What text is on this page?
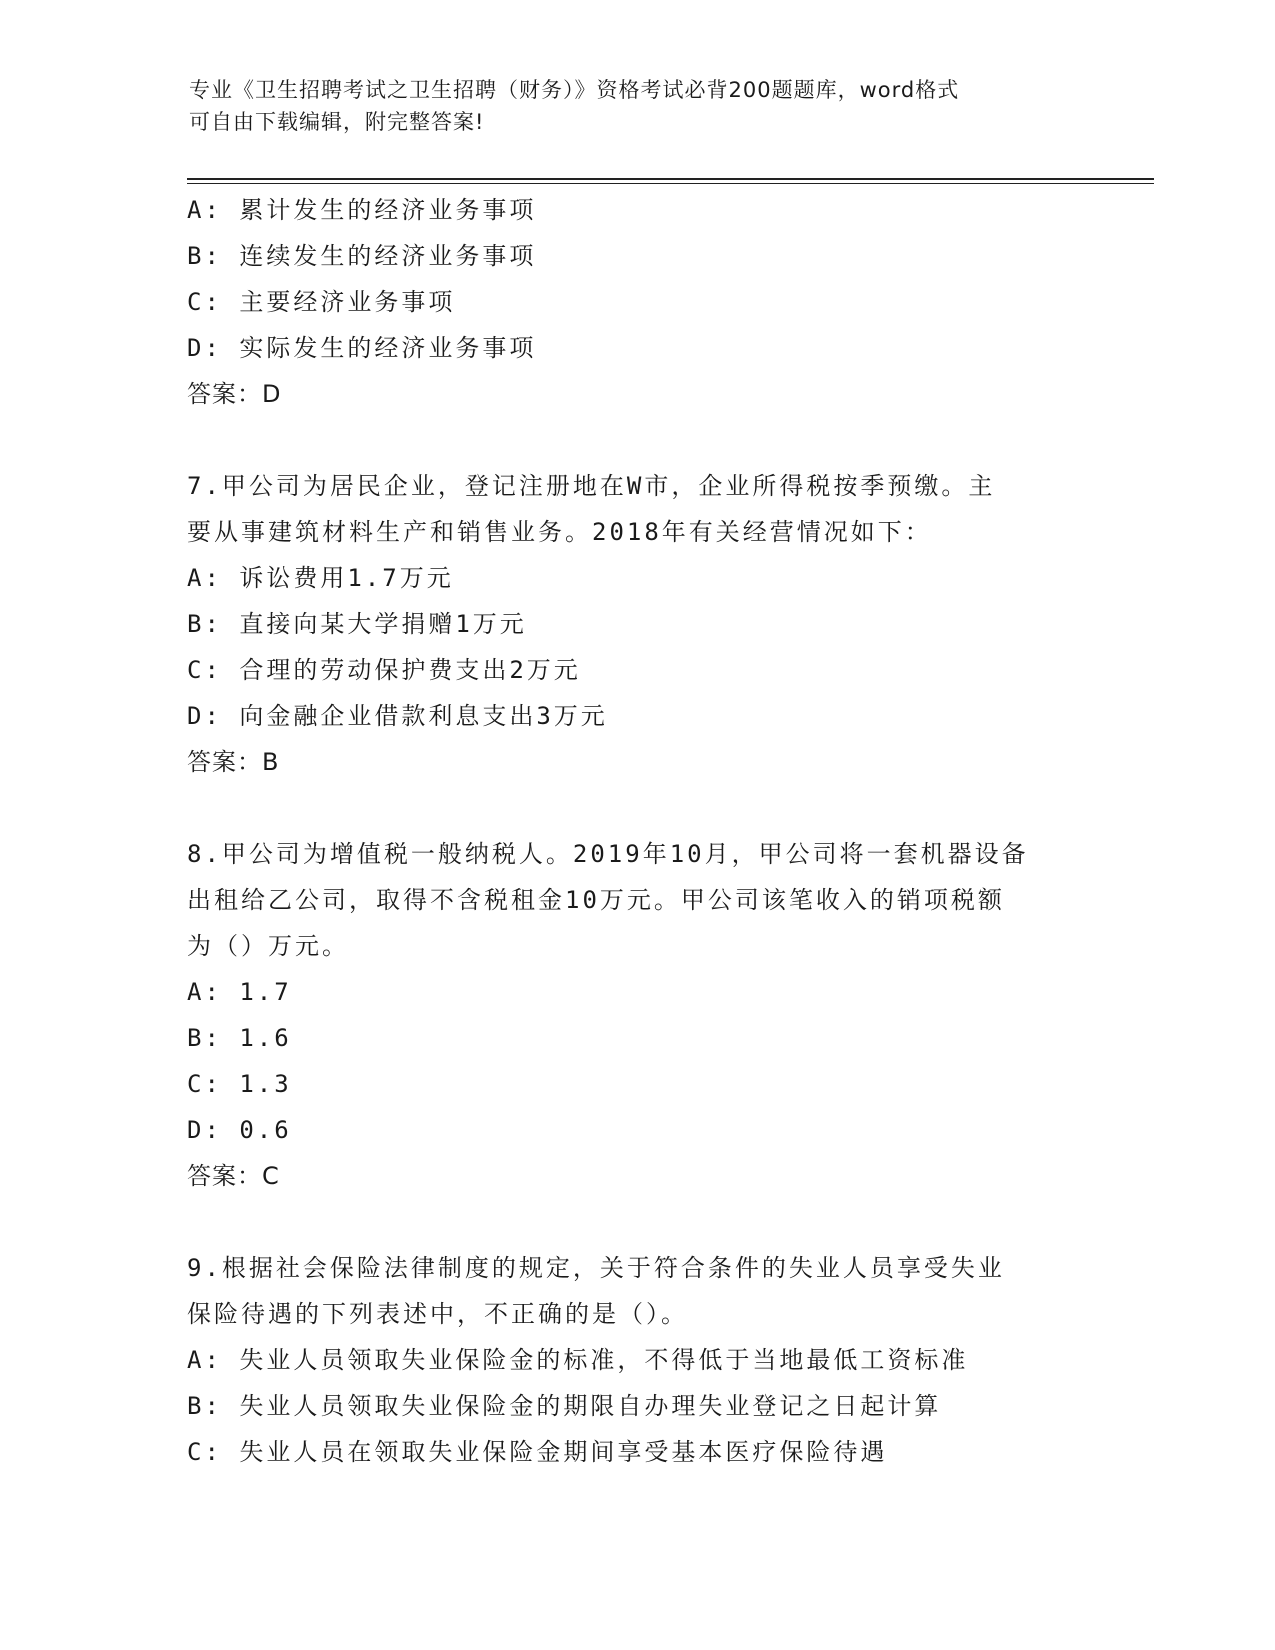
专业《卫生招聘考试之卫生招聘（财务）》资格考试必背200题题库，word格式
可自由下载编辑，附完整答案!
A: 累计发生的经济业务事项
B: 连续发生的经济业务事项
C: 主要经济业务事项
D: 实际发生的经济业务事项
答案：D
7.甲公司为居民企业，登记注册地在W市，企业所得税按季预缴。主
要从事建筑材料生产和销售业务。2018年有关经营情况如下：
A: 诉讼费用1.7万元
B: 直接向某大学捐赠1万元
C: 合理的劳动保护费支出2万元
D: 向金融企业借款利息支出3万元
答案：B
8.甲公司为增值税一般纳税人。2019年10月，甲公司将一套机器设备
出租给乙公司，取得不含税租金10万元。甲公司该笔收入的销项税额
为（）万元。
A: 1.7
B: 1.6
C: 1.3
D: 0.6
答案：C
9.根据社会保险法律制度的规定，关于符合条件的失业人员享受失业
保险待遇的下列表述中，不正确的是（）。
A: 失业人员领取失业保险金的标准，不得低于当地最低工资标准
B: 失业人员领取失业保险金的期限自办理失业登记之日起计算
C: 失业人员在领取失业保险金期间享受基本医疗保险待遇
